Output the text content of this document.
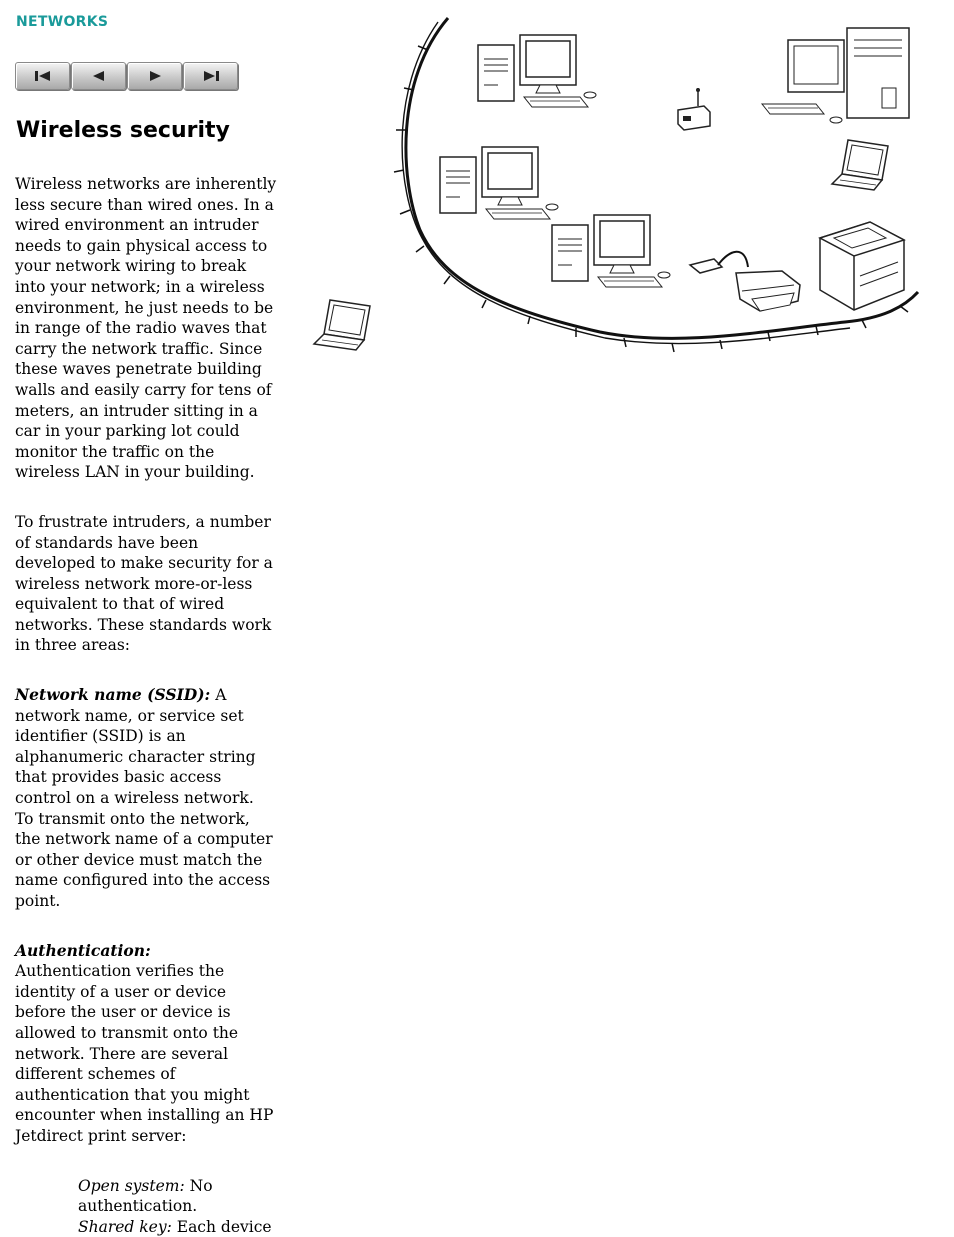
NETWORKS
Wireless security

Wireless networks are inherently less secure than wired ones. In a wired environment an intruder needs to gain physical access to your network wiring to break into your network; in a wireless environment, he just needs to be in range of the radio waves that carry the network traffic. Since these waves penetrate building walls and easily carry for tens of meters, an intruder sitting in a car in your parking lot could monitor the traffic on the wireless LAN in your building.

To frustrate intruders, a number of standards have been developed to make security for a wireless network more-or-less equivalent to that of wired networks. These standards work in three areas:

Network name (SSID): A network name, or service set identifier (SSID) is an alphanumeric character string that provides basic access control on a wireless network. To transmit onto the network, the network name of a computer or other device must match the name configured into the access point.

Authentication:
Authentication verifies the identity of a user or device before the user or device is allowed to transmit onto the network. There are several different schemes of authentication that you might encounter when installing an HP Jetdirect print server:

Open system: No authentication.

Shared key: Each device
